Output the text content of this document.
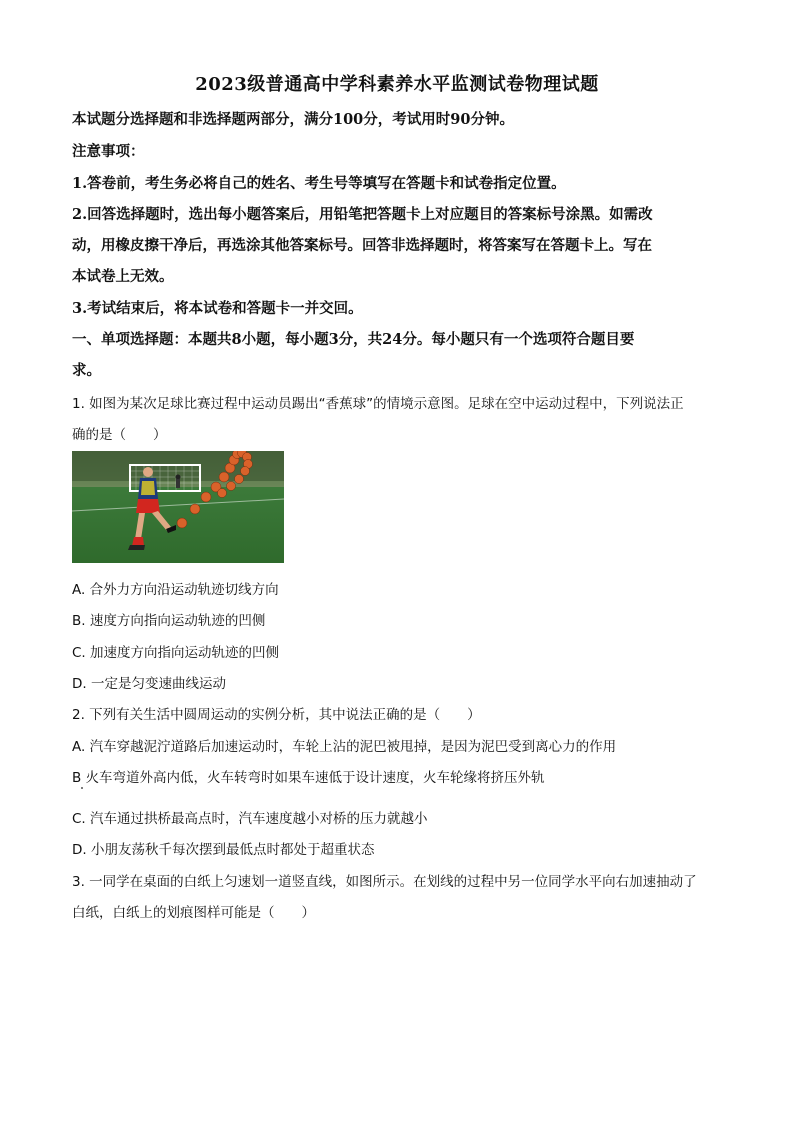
2023级普通高中学科素养水平监测试卷物理试题
本试题分选择题和非选择题两部分，满分100分，考试用时90分钟。
注意事项：
1.答卷前，考生务必将自己的姓名、考生号等填写在答题卡和试卷指定位置。
2.回答选择题时，选出每小题答案后，用铅笔把答题卡上对应题目的答案标号涂黑。如需改
动，用橡皮擦干净后，再选涂其他答案标号。回答非选择题时，将答案写在答题卡上。写在
本试卷上无效。
3.考试结束后，将本试卷和答题卡一并交回。
一、单项选择题：本题共8小题，每小题3分，共24分。每小题只有一个选项符合题目要
求。
1. 如图为某次足球比赛过程中运动员踢出“香蕉球”的情境示意图。足球在空中运动过程中，下列说法正
确的是（　　）
A. 合外力方向沿运动轨迹切线方向
B. 速度方向指向运动轨迹的凹侧
C. 加速度方向指向运动轨迹的凹侧
D. 一定是匀变速曲线运动
2. 下列有关生活中圆周运动的实例分析，其中说法正确的是（　　）
A. 汽车穿越泥泞道路后加速运动时，车轮上沾的泥巴被甩掉，是因为泥巴受到离心力的作用
B 火车弯道外高内低，火车转弯时如果车速低于设计速度，火车轮缘将挤压外轨
C. 汽车通过拱桥最高点时，汽车速度越小对桥的压力就越小
D. 小朋友荡秋千每次摆到最低点时都处于超重状态
3. 一同学在桌面的白纸上匀速划一道竖直线，如图所示。在划线的过程中另一位同学水平向右加速抽动了
白纸，白纸上的划痕图样可能是（　　）
